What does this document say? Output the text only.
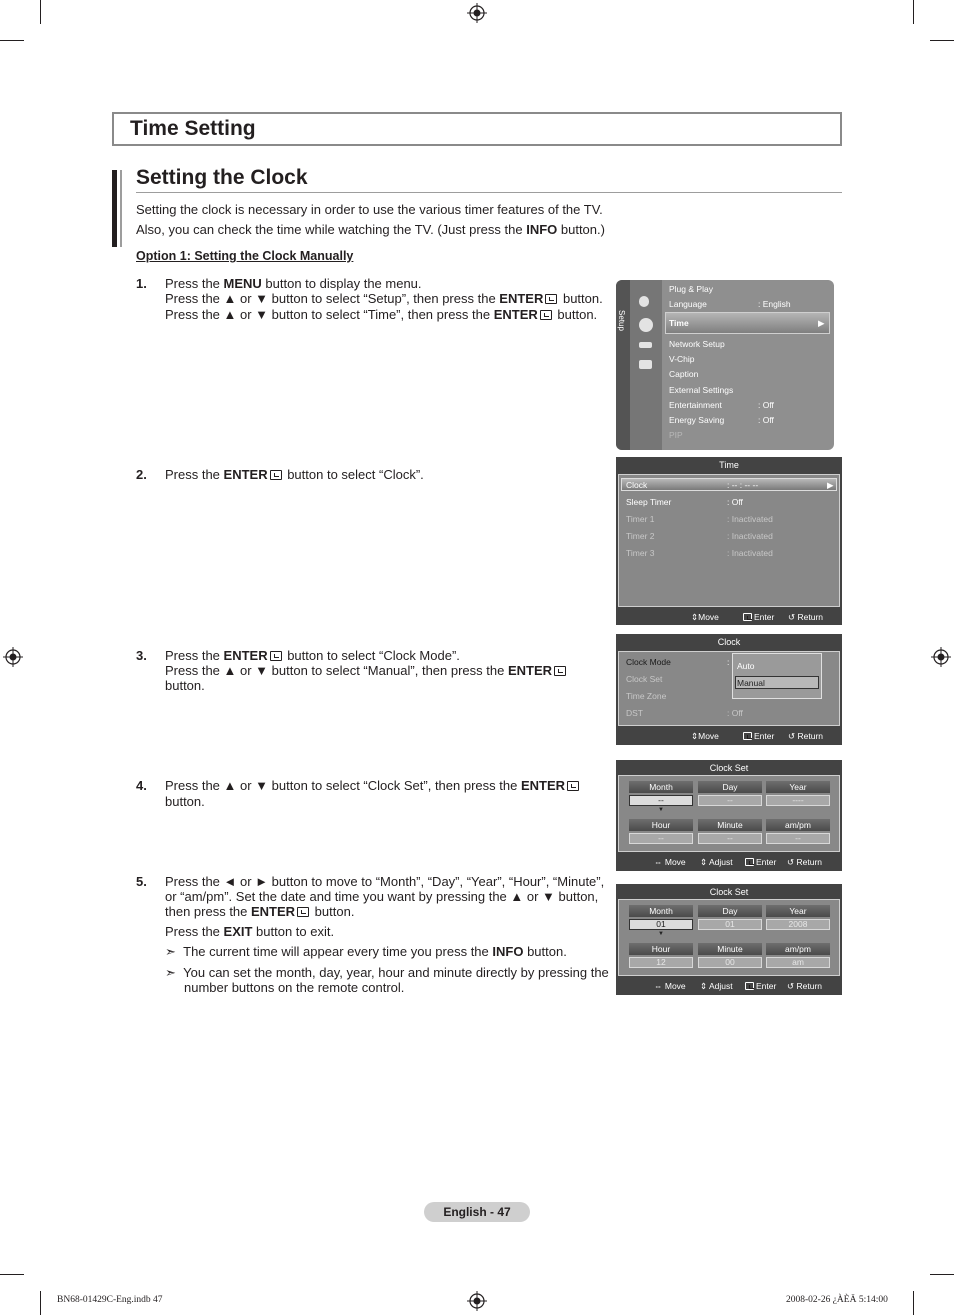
Time Setting
Setting the Clock
Setting the clock is necessary in order to use the various timer features of the TV.
Also, you can check the time while watching the TV. (Just press the INFO button.)
Option 1: Setting the Clock Manually
1. Press the MENU button to display the menu.
Press the ▲ or ▼ button to select “Setup”, then press the ENTER button.
Press the ▲ or ▼ button to select “Time”, then press the ENTER button. Setup
Plug & Play
Language	: English
Time	▶
Network Setup
V-Chip
Caption
External Settings
Entertainment	: Off
Energy Saving	: Off
PIP
2. Press the ENTER button to select “Clock”.
Time
Clock	: -- : -- --	▶
Sleep Timer	: Off
Timer 1	: Inactivated
Timer 2	: Inactivated
Timer 3	: Inactivated
⇕Move	Enter ↺ Return
3. Press the ENTER button to select “Clock Mode”.
Press the ▲ or ▼ button to select “Manual”, then press the ENTER
button.
Clock
Clock Mode	:
Clock Set
Time Zone
DST	: Off
Auto
Manual
⇕Move	Enter ↺ Return
4. Press the ▲ or ▼ button to select “Clock Set”, then press the ENTER
button.
Clock Set
Month	Day	Year
--	--	----
▼
Hour	Minute	am/pm
--	--	--
⇔ Move ⇕ Adjust	Enter ↺ Return
5. Press the ◄ or ► button to move to “Month”, “Day”, “Year”, “Hour”, “Minute”,
or “am/pm”. Set the date and time you want by pressing the ▲ or ▼ button,
then press the ENTER button.
Press the EXIT button to exit.
➣ The current time will appear every time you press the INFO button.
➣ You can set the month, day, year, hour and minute directly by pressing the
number buttons on the remote control.
Clock Set
Month	Day	Year
01	01	2008
▼
Hour	Minute	am/pm
12	00	am
⇔ Move ⇕ Adjust	Enter ↺ Return
English - 47
BN68-01429C-Eng.indb 47	2008-02-26 ¿ÀÈÄ 5:14:00
